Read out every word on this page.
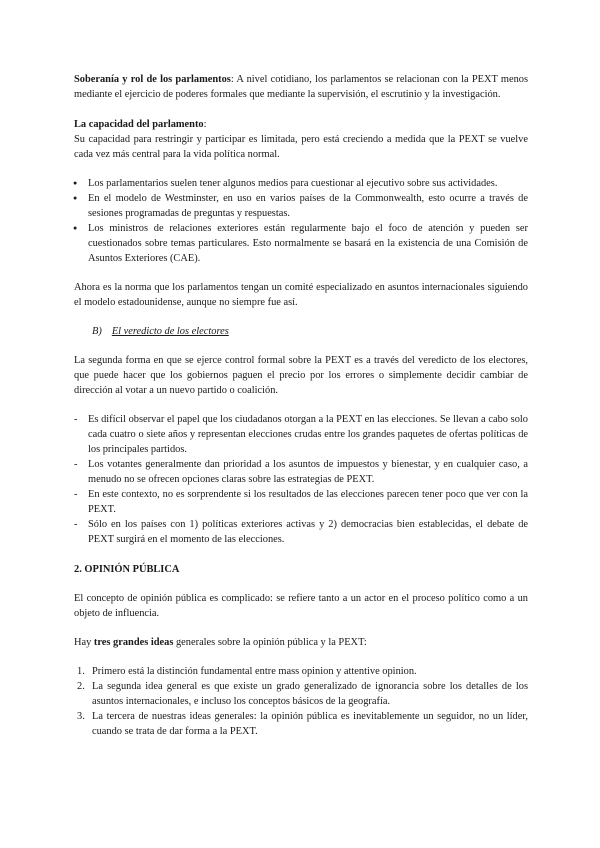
Soberanía y rol de los parlamentos: A nivel cotidiano, los parlamentos se relacionan con la PEXT menos mediante el ejercicio de poderes formales que mediante la supervisión, el escrutinio y la investigación.

La capacidad del parlamento:

Su capacidad para restringir y participar es limitada, pero está creciendo a medida que la PEXT se vuelve cada vez más central para la vida política normal.

● Los parlamentarios suelen tener algunos medios para cuestionar al ejecutivo sobre sus actividades.
● En el modelo de Westminster, en uso en varios países de la Commonwealth, esto ocurre a través de sesiones programadas de preguntas y respuestas.
● Los ministros de relaciones exteriores están regularmente bajo el foco de atención y pueden ser cuestionados sobre temas particulares. Esto normalmente se basará en la existencia de una Comisión de Asuntos Exteriores (CAE).

Ahora es la norma que los parlamentos tengan un comité especializado en asuntos internacionales siguiendo el modelo estadounidense, aunque no siempre fue así.

B) El veredicto de los electores

La segunda forma en que se ejerce control formal sobre la PEXT es a través del veredicto de los electores, que puede hacer que los gobiernos paguen el precio por los errores o simplemente decidir cambiar de dirección al votar a un nuevo partido o coalición.

- Es difícil observar el papel que los ciudadanos otorgan a la PEXT en las elecciones. Se llevan a cabo solo cada cuatro o siete años y representan elecciones crudas entre los grandes paquetes de ofertas políticas de los principales partidos.
- Los votantes generalmente dan prioridad a los asuntos de impuestos y bienestar, y en cualquier caso, a menudo no se ofrecen opciones claras sobre las estrategias de PEXT.
- En este contexto, no es sorprendente si los resultados de las elecciones parecen tener poco que ver con la PEXT.
- Sólo en los países con 1) políticas exteriores activas y 2) democracias bien establecidas, el debate de PEXT surgirá en el momento de las elecciones.
2. OPINIÓN PÚBLICA

El concepto de opinión pública es complicado: se refiere tanto a un actor en el proceso político como a un objeto de influencia.

Hay tres grandes ideas generales sobre la opinión pública y la PEXT:

1. Primero está la distinción fundamental entre mass opinion y attentive opinion.
2. La segunda idea general es que existe un grado generalizado de ignorancia sobre los detalles de los asuntos internacionales, e incluso los conceptos básicos de la geografía.
3. La tercera de nuestras ideas generales: la opinión pública es inevitablemente un seguidor, no un líder, cuando se trata de dar forma a la PEXT.
